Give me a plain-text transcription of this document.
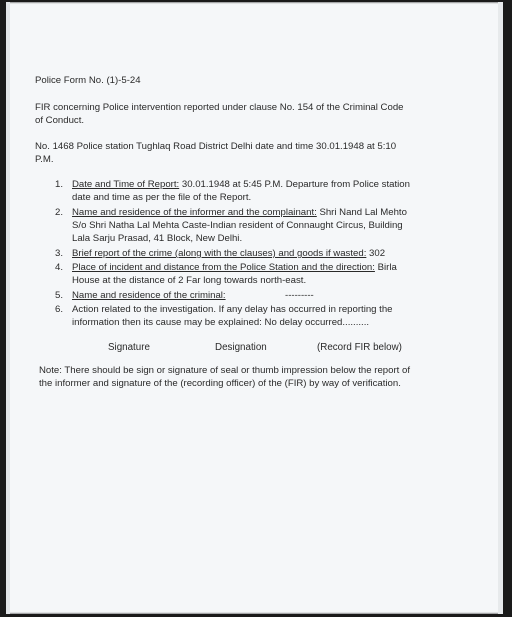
Police Form No. (1)-5-24
FIR concerning Police intervention reported under clause No. 154 of the Criminal Code
of Conduct.
No. 1468 Police station Tughlaq Road District Delhi date and time 30.01.1948 at 5:10
P.M.
1. Date and Time of Report: 30.01.1948 at 5:45 P.M. Departure from Police station
date and time as per the file of the Report.
2. Name and residence of the informer and the complainant: Shri Nand Lal Mehto
S/o Shri Natha Lal Mehta Caste-Indian resident of Connaught Circus, Building
Lala Sarju Prasad, 41 Block, New Delhi.
3. Brief report of the crime (along with the clauses) and goods if wasted: 302
4. Place of incident and distance from the Police Station and the direction: Birla
House at the distance of 2 Far long towards north-east.
5. Name and residence of the criminal:	---------
6. Action related to the investigation. If any delay has occurred in reporting the
information then its cause may be explained: No delay occurred..........
Signature	Designation	(Record FIR below)
Note: There should be sign or signature of seal or thumb impression below the report of
the informer and signature of the (recording officer) of the (FIR) by way of verification.
